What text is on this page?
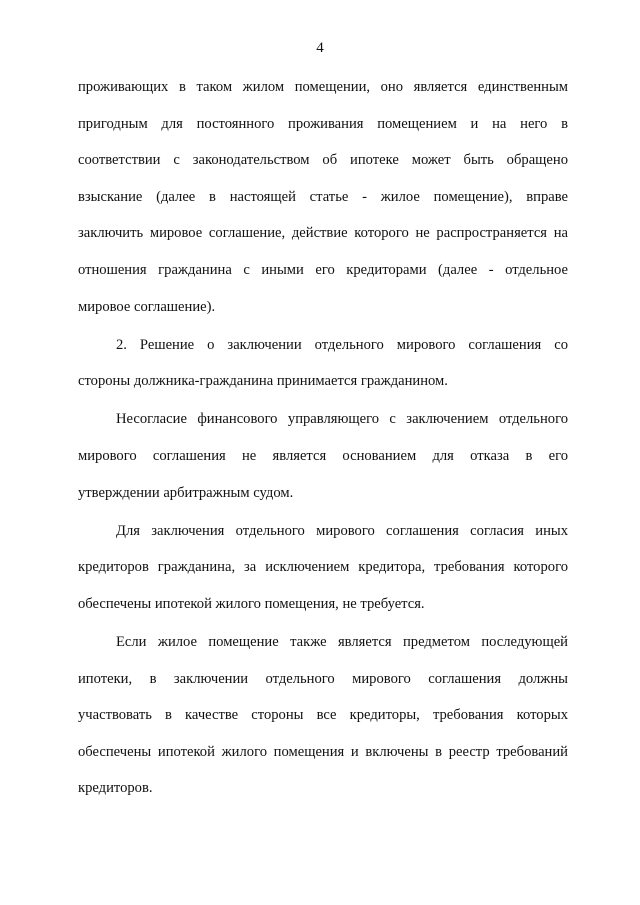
4
проживающих в таком жилом помещении, оно является единственным
пригодным для постоянного проживания помещением и на него в
соответствии с законодательством об ипотеке может быть обращено
взыскание (далее в настоящей статье - жилое помещение), вправе
заключить мировое соглашение, действие которого не распространяется на
отношения гражданина с иными его кредиторами (далее - отдельное
мировое соглашение).
2. Решение о заключении отдельного мирового соглашения со
стороны должника-гражданина принимается гражданином.
Несогласие финансового управляющего с заключением отдельного
мирового соглашения не является основанием для отказа в его
утверждении арбитражным судом.
Для заключения отдельного мирового соглашения согласия иных
кредиторов гражданина, за исключением кредитора, требования которого
обеспечены ипотекой жилого помещения, не требуется.
Если жилое помещение также является предметом последующей
ипотеки, в заключении отдельного мирового соглашения должны
участвовать в качестве стороны все кредиторы, требования которых
обеспечены ипотекой жилого помещения и включены в реестр требований
кредиторов.
